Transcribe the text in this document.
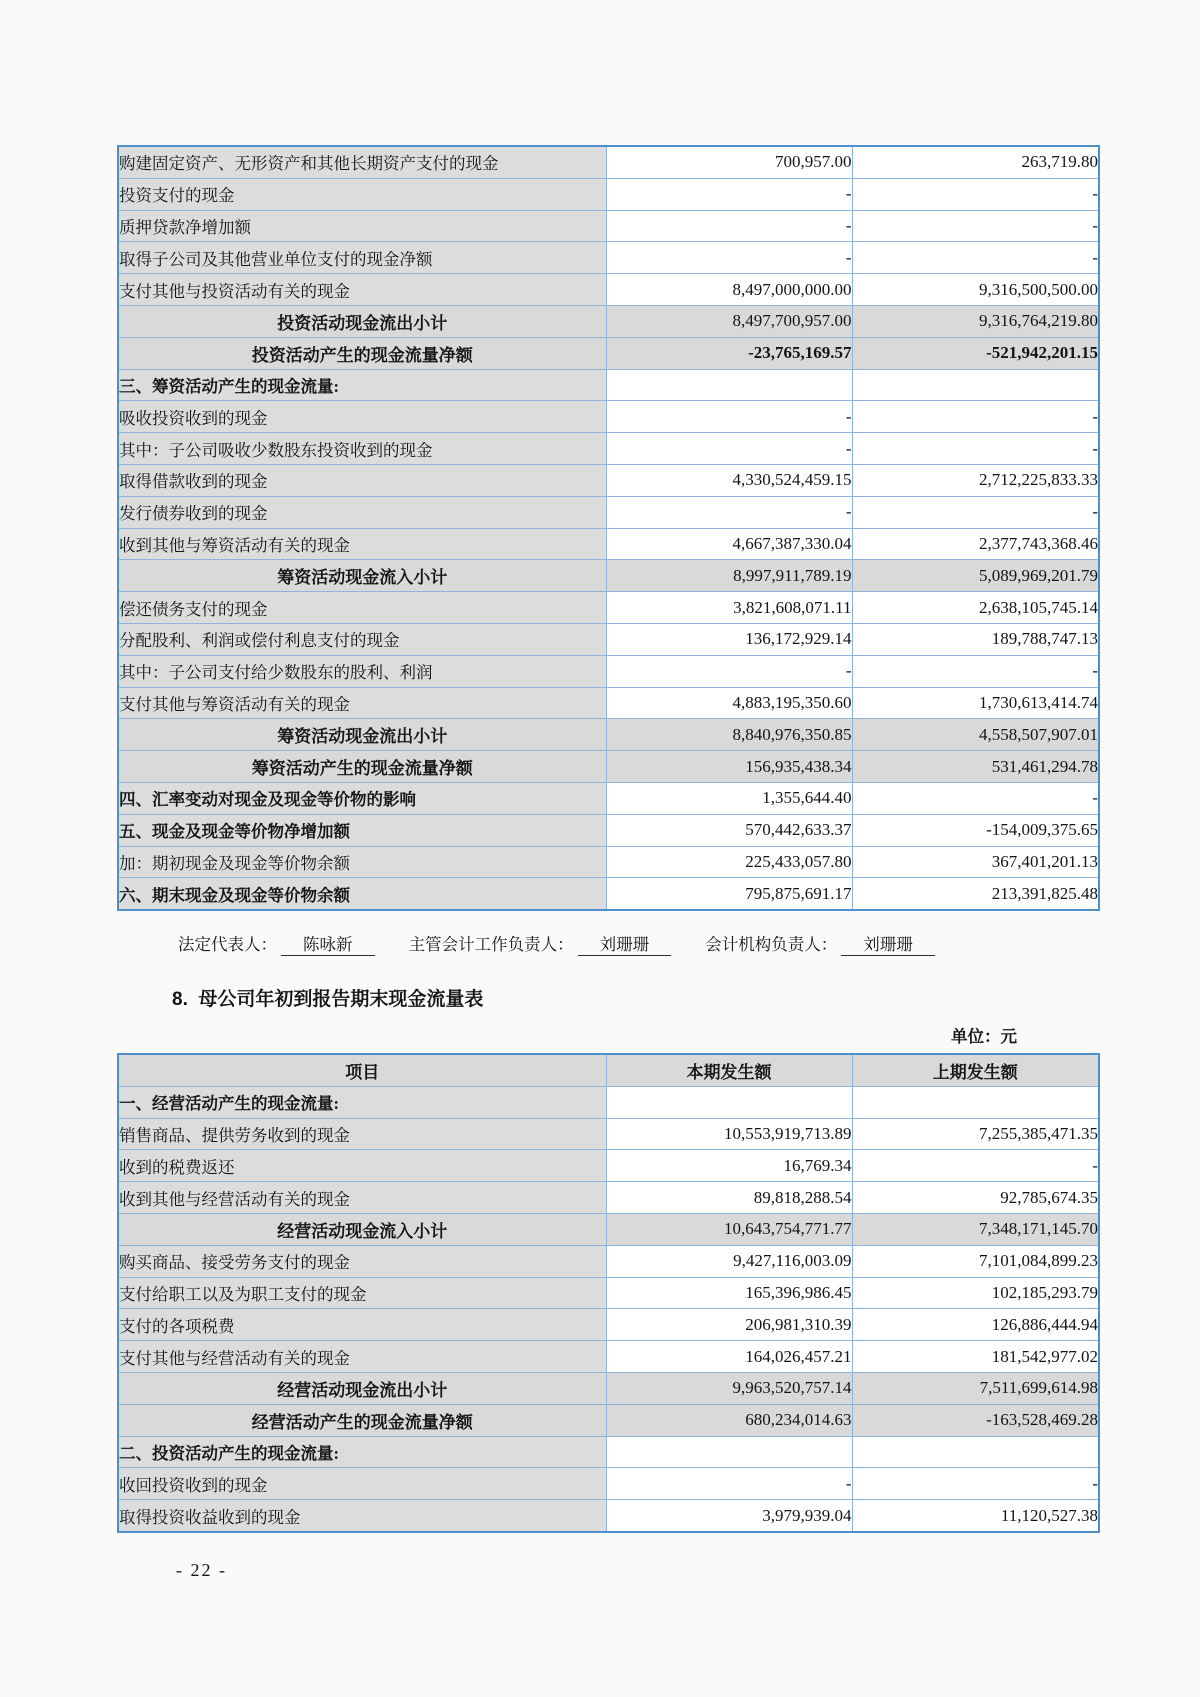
购建固定资产、无形资产和其他长期资产支付的现金	700,957.00	263,719.80
投资支付的现金	-	-
质押贷款净增加额	-	-
取得子公司及其他营业单位支付的现金净额	-	-
支付其他与投资活动有关的现金	8,497,000,000.00	9,316,500,500.00
投资活动现金流出小计	8,497,700,957.00	9,316,764,219.80
投资活动产生的现金流量净额	-23,765,169.57	-521,942,201.15
三、筹资活动产生的现金流量:		
吸收投资收到的现金	-	-
其中：子公司吸收少数股东投资收到的现金	-	-
取得借款收到的现金	4,330,524,459.15	2,712,225,833.33
发行债券收到的现金	-	-
收到其他与筹资活动有关的现金	4,667,387,330.04	2,377,743,368.46
筹资活动现金流入小计	8,997,911,789.19	5,089,969,201.79
偿还债务支付的现金	3,821,608,071.11	2,638,105,745.14
分配股利、利润或偿付利息支付的现金	136,172,929.14	189,788,747.13
其中：子公司支付给少数股东的股利、利润	-	-
支付其他与筹资活动有关的现金	4,883,195,350.60	1,730,613,414.74
筹资活动现金流出小计	8,840,976,350.85	4,558,507,907.01
筹资活动产生的现金流量净额	156,935,438.34	531,461,294.78
四、汇率变动对现金及现金等价物的影响	1,355,644.40	-
五、现金及现金等价物净增加额	570,442,633.37	-154,009,375.65
加：期初现金及现金等价物余额	225,433,057.80	367,401,201.13
六、期末现金及现金等价物余额	795,875,691.17	213,391,825.48
法定代表人： 陈咏新	主管会计工作负责人： 刘珊珊	会计机构负责人： 刘珊珊
8.  母公司年初到报告期末现金流量表
单位：元
项目	本期发生额	上期发生额
一、经营活动产生的现金流量:		
销售商品、提供劳务收到的现金	10,553,919,713.89	7,255,385,471.35
收到的税费返还	16,769.34	-
收到其他与经营活动有关的现金	89,818,288.54	92,785,674.35
经营活动现金流入小计	10,643,754,771.77	7,348,171,145.70
购买商品、接受劳务支付的现金	9,427,116,003.09	7,101,084,899.23
支付给职工以及为职工支付的现金	165,396,986.45	102,185,293.79
支付的各项税费	206,981,310.39	126,886,444.94
支付其他与经营活动有关的现金	164,026,457.21	181,542,977.02
经营活动现金流出小计	9,963,520,757.14	7,511,699,614.98
经营活动产生的现金流量净额	680,234,014.63	-163,528,469.28
二、投资活动产生的现金流量:		
收回投资收到的现金	-	-
取得投资收益收到的现金	3,979,939.04	11,120,527.38
- 22 -
